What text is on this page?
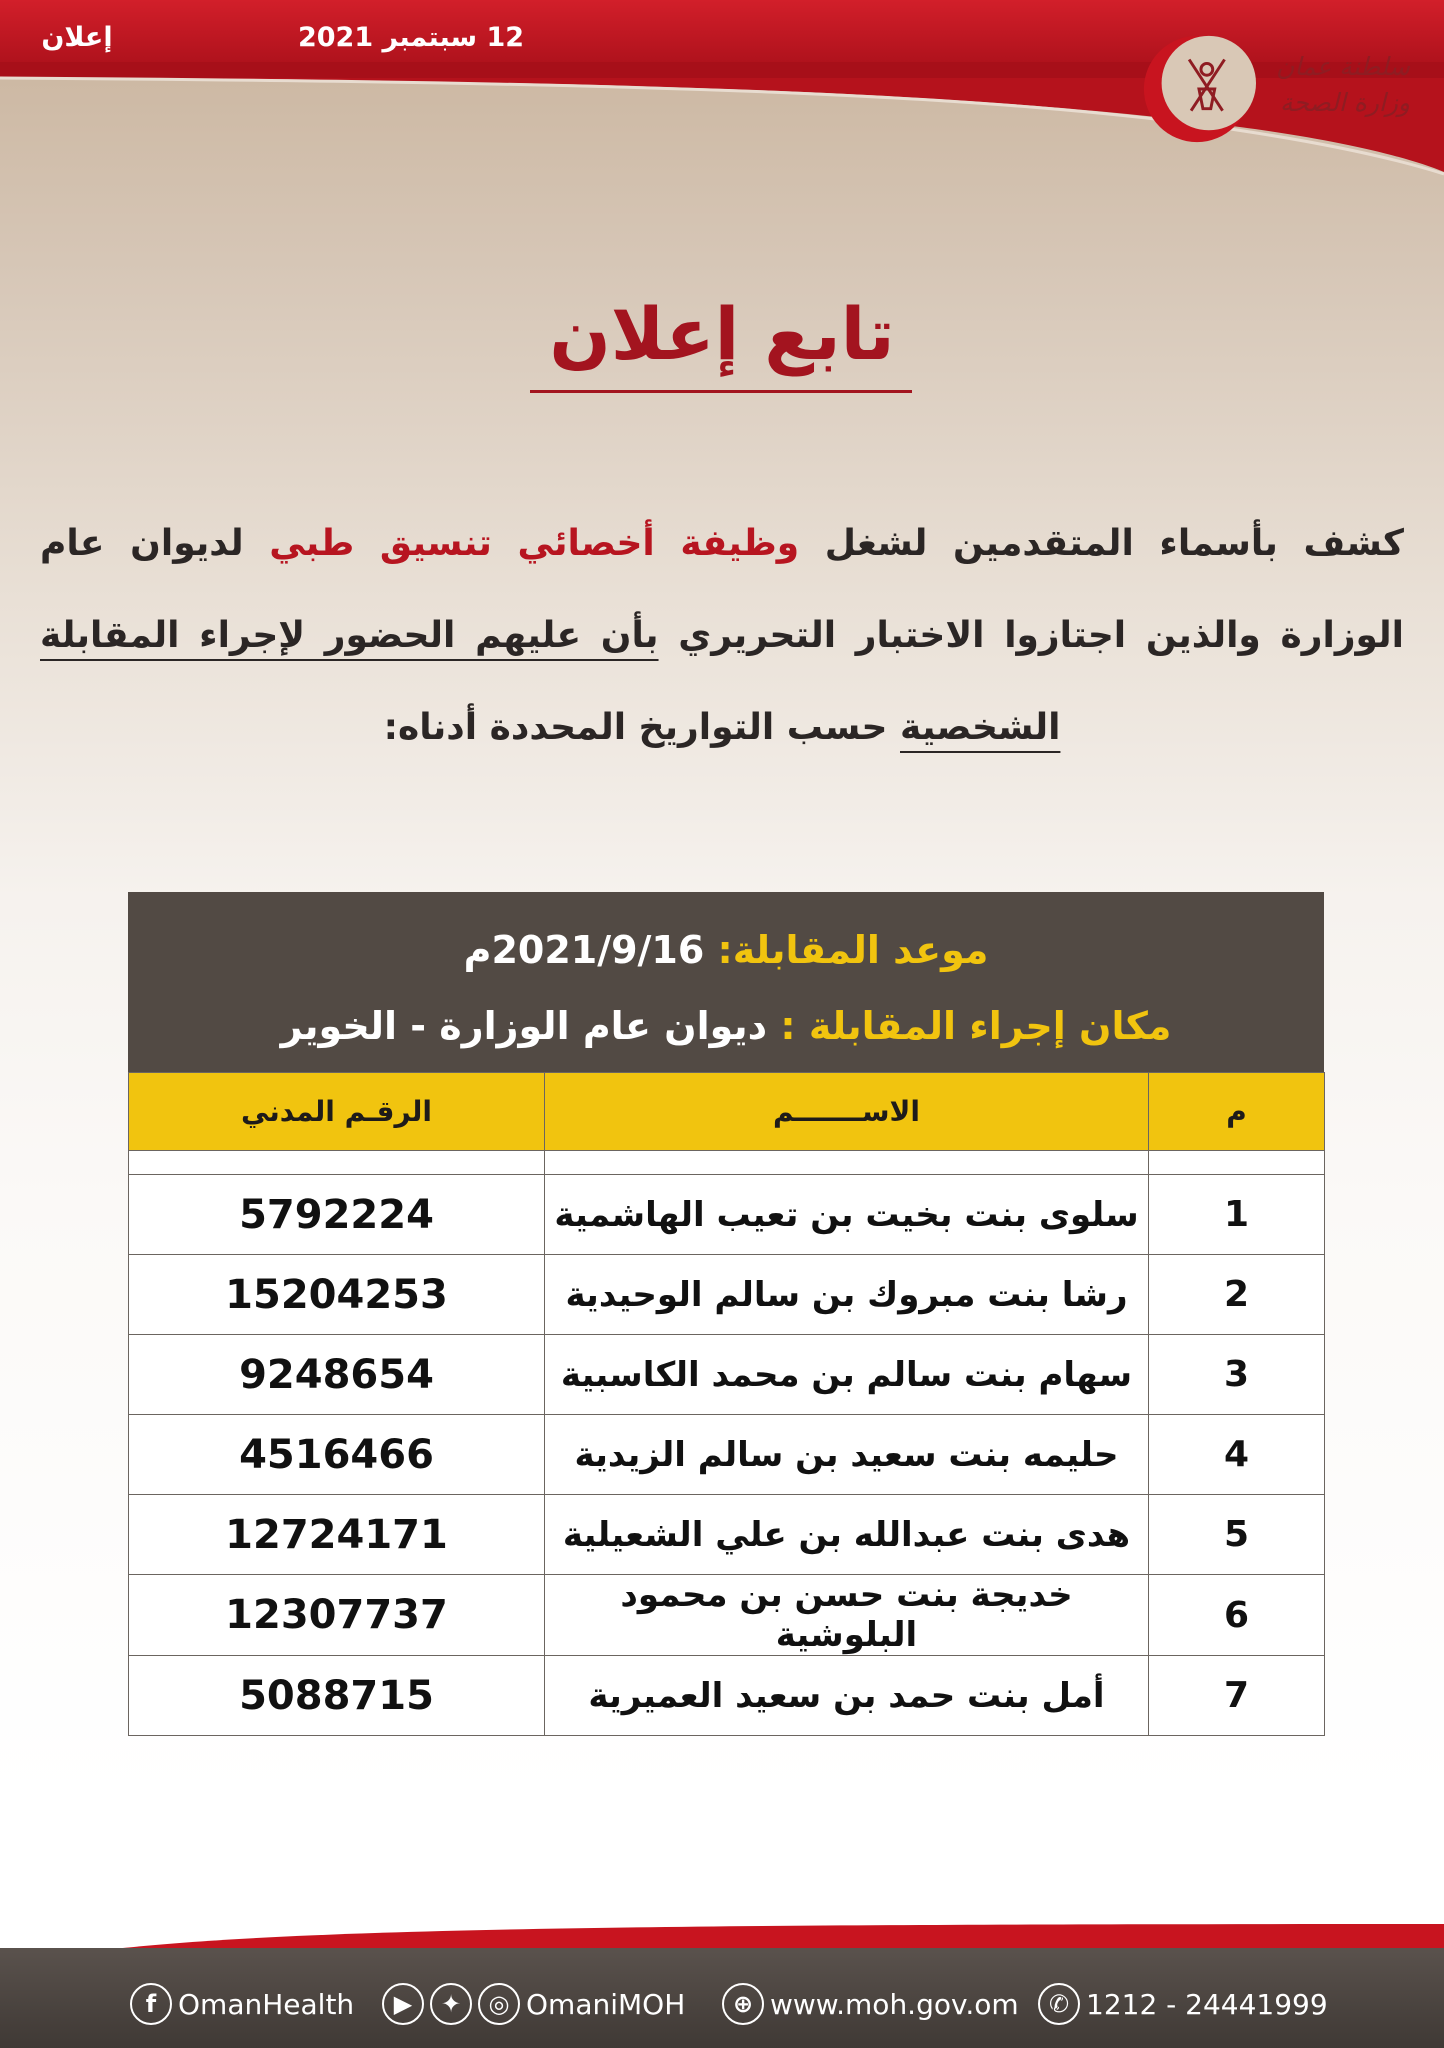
إعلان	12 سبتمبر 2021
سلطنة عمان
وزارة الصحة
تابع إعلان
كشف بأسماء المتقدمين لشغل وظيفة أخصائي تنسيق طبي لديوان عام الوزارة والذين اجتازوا الاختبار التحريري بأن عليهم الحضور لإجراء المقابلة الشخصية حسب التواريخ المحددة أدناه:
موعد المقابلة: 2021/9/16م
مكان إجراء المقابلة : ديوان عام الوزارة - الخوير
م	الاســـــــم	الرقـم المدني

1	سلوى بنت بخيت بن تعيب الهاشمية	5792224
2	رشا بنت مبروك بن سالم الوحيدية	15204253
3	سهام بنت سالم بن محمد الكاسبية	9248654
4	حليمه بنت سعيد بن سالم الزيدية	4516466
5	هدى بنت عبدالله بن علي الشعيلية	12724171
6	خديجة بنت حسن بن محمود البلوشية	12307737
7	أمل بنت حمد بن سعيد العميرية	5088715
f OmanHealth	▶	✦	◎ OmaniMOH	⊕ www.moh.gov.om	✆ 1212 - 24441999
